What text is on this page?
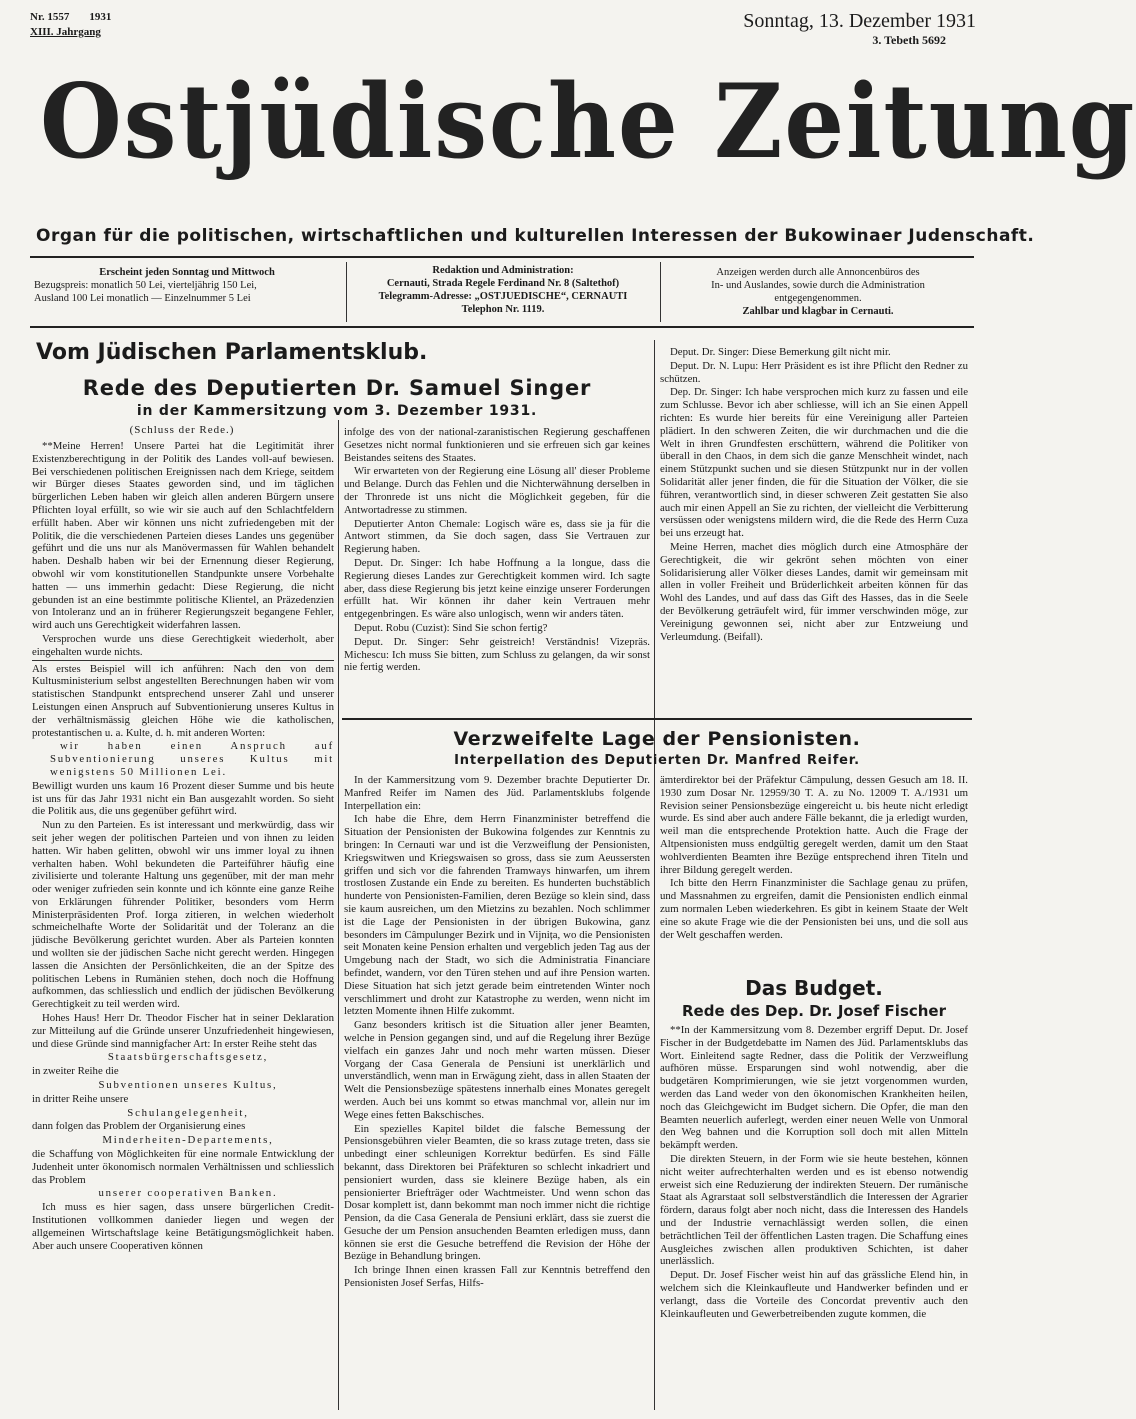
Nr. 1557 1931
XIII. Jahrgang	Sonntag, 13. Dezember 1931
3. Tebeth 5692
Ostjüdische Zeitung
Organ für die politischen, wirtschaftlichen und kulturellen Interessen der Bukowinaer Judenschaft.
Erscheint jeden Sonntag und Mittwoch
Bezugspreis: monatlich 50 Lei, vierteljährig 150 Lei,
Ausland 100 Lei monatlich — Einzelnummer 5 Lei
Redaktion und Administration:
Cernauti, Strada Regele Ferdinand Nr. 8 (Saltethof)
Telegramm-Adresse: „OSTJUEDISCHE“, CERNAUTI
Telephon Nr. 1119.
Anzeigen werden durch alle Annoncenbüros des
In- und Auslandes, sowie durch die Administration
entgegengenommen.
Zahlbar und klagbar in Cernauti.
Vom Jüdischen Parlamentsklub.
Rede des Deputierten Dr. Samuel Singer
in der Kammersitzung vom 3. Dezember 1931.
(Schluss der Rede.)

**Meine Herren! Unsere Partei hat die Legitimität ihrer Existenzberechtigung in der Politik des Landes voll-auf bewiesen. Bei verschiedenen politischen Ereignissen nach dem Kriege, seitdem wir Bürger dieses Staates geworden sind, und im täglichen bürgerlichen Leben haben wir gleich allen anderen Bürgern unsere Pflichten loyal erfüllt, so wie wir sie auch auf den Schlachtfeldern erfüllt haben. Aber wir können uns nicht zufriedengeben mit der Politik, die die verschiedenen Parteien dieses Landes uns gegenüber geführt und die uns nur als Manövermassen für Wahlen behandelt haben. Deshalb haben wir bei der Ernennung dieser Regierung, obwohl wir vom konstitutionellen Standpunkte unsere Vorbehalte hatten — uns immerhin gedacht: Diese Regierung, die nicht gebunden ist an eine bestimmte politische Klientel, an Präzedenzien von Intoleranz und an in früherer Regierungszeit begangene Fehler, wird auch uns Gerechtigkeit widerfahren lassen.

Versprochen wurde uns diese Gerechtigkeit wiederholt, aber eingehalten wurde nichts.

Als erstes Beispiel will ich anführen: Nach den von dem Kultusministerium selbst angestellten Berechnungen haben wir vom statistischen Standpunkt entsprechend unserer Zahl und unserer Leistungen einen Anspruch auf Subventionierung unseres Kultus in der verhältnismässig gleichen Höhe wie die katholischen, protestantischen u. a. Kulte, d. h. mit anderen Worten:

wir haben einen Anspruch auf Subventionierung unseres Kultus mit wenigstens 50 Millionen Lei.

Bewilligt wurden uns kaum 16 Prozent dieser Summe und bis heute ist uns für das Jahr 1931 nicht ein Ban ausgezahlt worden. So sieht die Politik aus, die uns gegenüber geführt wird.

Nun zu den Parteien. Es ist interessant und merkwürdig, dass wir seit jeher wegen der politischen Parteien und von ihnen zu leiden hatten. Wir haben gelitten, obwohl wir uns immer loyal zu ihnen verhalten haben. Wohl bekundeten die Parteiführer häufig eine zivilisierte und tolerante Haltung uns gegenüber, mit der man mehr oder weniger zufrieden sein konnte und ich könnte eine ganze Reihe von Erklärungen führender Politiker, besonders vom Herrn Ministerpräsidenten Prof. Iorga zitieren, in welchen wiederholt schmeichelhafte Worte der Solidarität und der Toleranz an die jüdische Bevölkerung gerichtet wurden. Aber als Parteien konnten und wollten sie der jüdischen Sache nicht gerecht werden. Hingegen lassen die Ansichten der Persönlichkeiten, die an der Spitze des politischen Lebens in Rumänien stehen, doch noch die Hoffnung aufkommen, das schliesslich und endlich der jüdischen Bevölkerung Gerechtigkeit zu teil werden wird.

Hohes Haus! Herr Dr. Theodor Fischer hat in seiner Deklaration zur Mitteilung auf die Gründe unserer Unzufriedenheit hingewiesen, und diese Gründe sind mannigfacher Art: In erster Reihe steht das

Staatsbürgerschaftsgesetz,

in zweiter Reihe die

Subventionen unseres Kultus,

in dritter Reihe unsere

Schulangelegenheit,

dann folgen das Problem der Organisierung eines

Minderheiten-Departements,

die Schaffung von Möglichkeiten für eine normale Entwicklung der Judenheit unter ökonomisch normalen Verhältnissen und schliesslich das Problem

unserer cooperativen Banken.

Ich muss es hier sagen, dass unsere bürgerlichen Credit-Institutionen vollkommen danieder liegen und wegen der allgemeinen Wirtschaftslage keine Betätigungsmöglichkeit haben. Aber auch unsere Cooperativen können

infolge des von der national-zaranistischen Regierung geschaffenen Gesetzes nicht normal funktionieren und sie erfreuen sich gar keines Beistandes seitens des Staates.

Wir erwarteten von der Regierung eine Lösung all' dieser Probleme und Belange. Durch das Fehlen und die Nichterwähnung derselben in der Thronrede ist uns nicht die Möglichkeit gegeben, für die Antwortadresse zu stimmen.

Deputierter Anton Chemale: Logisch wäre es, dass sie ja für die Antwort stimmen, da Sie doch sagen, dass Sie Vertrauen zur Regierung haben.

Deput. Dr. Singer: Ich habe Hoffnung a la longue, dass die Regierung dieses Landes zur Gerechtigkeit kommen wird. Ich sagte aber, dass diese Regierung bis jetzt keine einzige unserer Forderungen erfüllt hat. Wir können ihr daher kein Vertrauen mehr entgegenbringen. Es wäre also unlogisch, wenn wir anders täten.

Deput. Robu (Cuzist): Sind Sie schon fertig?

Deput. Dr. Singer: Sehr geistreich! Verständnis! Vizepräs. Michescu: Ich muss Sie bitten, zum Schluss zu gelangen, da wir sonst nie fertig werden.

Deput. Dr. Singer: Diese Bemerkung gilt nicht mir.

Deput. Dr. N. Lupu: Herr Präsident es ist ihre Pflicht den Redner zu schützen.

Dep. Dr. Singer: Ich habe versprochen mich kurz zu fassen und eile zum Schlusse. Bevor ich aber schliesse, will ich an Sie einen Appell richten: Es wurde hier bereits für eine Vereinigung aller Parteien plädiert. In den schweren Zeiten, die wir durchmachen und die die Welt in ihren Grundfesten erschüttern, während die Politiker von überall in den Chaos, in dem sich die ganze Menschheit windet, nach einem Stützpunkt suchen und sie diesen Stützpunkt nur in der vollen Solidarität aller jener finden, die für die Situation der Völker, die sie führen, verantwortlich sind, in dieser schweren Zeit gestatten Sie also auch mir einen Appell an Sie zu richten, der vielleicht die Verbitterung versüssen oder wenigstens mildern wird, die die Rede des Herrn Cuza bei uns erzeugt hat.

Meine Herren, machet dies möglich durch eine Atmosphäre der Gerechtigkeit, die wir gekrönt sehen möchten von einer Solidarisierung aller Völker dieses Landes, damit wir gemeinsam mit allen in voller Freiheit und Brüderlichkeit arbeiten können für das Wohl des Landes, und auf dass das Gift des Hasses, das in die Seele der Bevölkerung geträufelt wird, für immer verschwinden möge, zur Vereinigung gewonnen sei, nicht aber zur Entzweiung und Verleumdung. (Beifall).

Verzweifelte Lage der Pensionisten.
Interpellation des Deputierten Dr. Manfred Reifer.

In der Kammersitzung vom 9. Dezember brachte Deputierter Dr. Manfred Reifer im Namen des Jüd. Parlamentsklubs folgende Interpellation ein:

Ich habe die Ehre, dem Herrn Finanzminister betreffend die Situation der Pensionisten der Bukowina folgendes zur Kenntnis zu bringen: In Cernauti war und ist die Verzweiflung der Pensionisten, Kriegswitwen und Kriegswaisen so gross, dass sie zum Aeussersten griffen und sich vor die fahrenden Tramways hinwarfen, um ihrem trostlosen Zustande ein Ende zu bereiten. Es hunderten buchstäblich hunderte von Pensionisten-Familien, deren Bezüge so klein sind, dass sie kaum ausreichen, um den Mietzins zu bezahlen. Noch schlimmer ist die Lage der Pensionisten in der übrigen Bukowina, ganz besonders im Câmpulunger Bezirk und in Vijnița, wo die Pensionisten seit Monaten keine Pension erhalten und vergeblich jeden Tag aus der Umgebung nach der Stadt, wo sich die Administratia Financiare befindet, wandern, vor den Türen stehen und auf ihre Pension warten. Diese Situation hat sich jetzt gerade beim eintretenden Winter noch verschlimmert und droht zur Katastrophe zu werden, wenn nicht im letzten Momente ihnen Hilfe zukommt.

Ganz besonders kritisch ist die Situation aller jener Beamten, welche in Pension gegangen sind, und auf die Regelung ihrer Bezüge vielfach ein ganzes Jahr und noch mehr warten müssen. Dieser Vorgang der Casa Generala de Pensiuni ist unerklärlich und unverständlich, wenn man in Erwägung zieht, dass in allen Staaten der Welt die Pensionsbezüge spätestens innerhalb eines Monates geregelt werden. Auch bei uns kommt so etwas manchmal vor, allein nur im Wege eines fetten Bakschisches.

Ein spezielles Kapitel bildet die falsche Bemessung der Pensionsgebühren vieler Beamten, die so krass zutage treten, dass sie unbedingt einer schleunigen Korrektur bedürfen. Es sind Fälle bekannt, dass Direktoren bei Präfekturen so schlecht inkadriert und pensioniert wurden, dass sie kleinere Bezüge haben, als ein pensionierter Briefträger oder Wachtmeister. Und wenn schon das Dosar komplett ist, dann bekommt man noch immer nicht die richtige Pension, da die Casa Generala de Pensiuni erklärt, dass sie zuerst die Gesuche der um Pension ansuchenden Beamten erledigen muss, dann können sie erst die Gesuche betreffend die Revision der Höhe der Bezüge in Behandlung bringen.

Ich bringe Ihnen einen krassen Fall zur Kenntnis betreffend den Pensionisten Josef Serfas, Hilfs-

ämterdirektor bei der Präfektur Câmpulung, dessen Gesuch am 18. II. 1930 zum Dosar Nr. 12959/30 T. A. zu No. 12009 T. A./1931 um Revision seiner Pensionsbezüge eingereicht u. bis heute nicht erledigt wurde. Es sind aber auch andere Fälle bekannt, die ja erledigt wurden, weil man die entsprechende Protektion hatte. Auch die Frage der Altpensionisten muss endgültig geregelt werden, damit um den Staat wohlverdienten Beamten ihre Bezüge entsprechend ihren Titeln und ihrer Bildung geregelt werden.

Ich bitte den Herrn Finanzminister die Sachlage genau zu prüfen, und Massnahmen zu ergreifen, damit die Pensionisten endlich einmal zum normalen Leben wiederkehren. Es gibt in keinem Staate der Welt eine so akute Frage wie die der Pensionisten bei uns, und die soll aus der Welt geschaffen werden.

Das Budget.
Rede des Dep. Dr. Josef Fischer

**In der Kammersitzung vom 8. Dezember ergriff Deput. Dr. Josef Fischer in der Budgetdebatte im Namen des Jüd. Parlamentsklubs das Wort. Einleitend sagte Redner, dass die Politik der Verzweiflung aufhören müsse. Ersparungen sind wohl notwendig, aber die budgetären Komprimierungen, wie sie jetzt vorgenommen wurden, werden das Land weder von den ökonomischen Krankheiten heilen, noch das Gleichgewicht im Budget sichern. Die Opfer, die man den Beamten neuerlich auferlegt, werden einer neuen Welle von Unmoral den Weg bahnen und die Korruption soll doch mit allen Mitteln bekämpft werden.

Die direkten Steuern, in der Form wie sie heute bestehen, können nicht weiter aufrechterhalten werden und es ist ebenso notwendig erweist sich eine Reduzierung der indirekten Steuern. Der rumänische Staat als Agrarstaat soll selbstverständlich die Interessen der Agrarier fördern, daraus folgt aber noch nicht, dass die Interessen des Handels und der Industrie vernachlässigt werden sollen, die einen beträchtlichen Teil der öffentlichen Lasten tragen. Die Schaffung eines Ausgleiches zwischen allen produktiven Schichten, ist daher unerlässlich.

Deput. Dr. Josef Fischer weist hin auf das grässliche Elend hin, in welchem sich die Kleinkaufleute und Handwerker befinden und er verlangt, dass die Vorteile des Concordat preventiv auch den Kleinkaufleuten und Gewerbetreibenden zugute kommen, die
